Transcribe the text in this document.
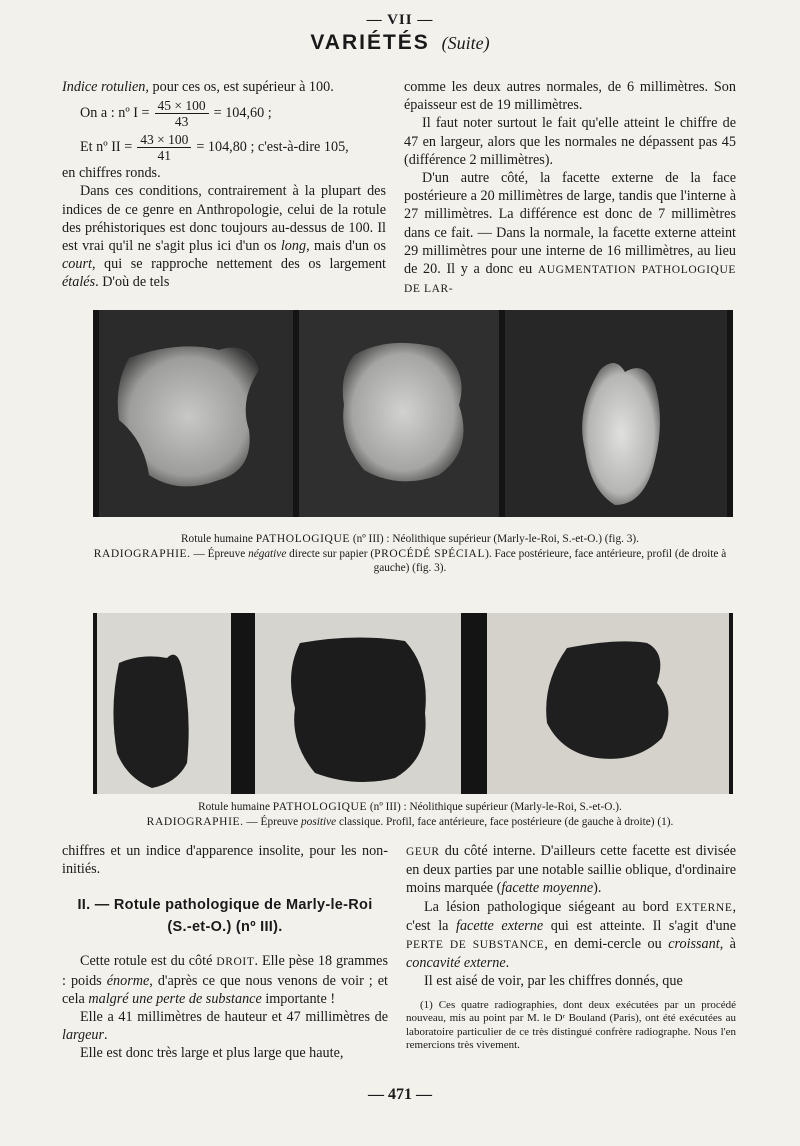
— VII —
VARIÉTÉS (Suite)

Indice rotulien, pour ces os, est supérieur à 100.

On a : nº $I = \frac{45 \times 100}{43} = 104,60$ ;
Et nº II = $\frac{43 \times 100}{41} = 104,80$ ; c'est-à-dire 105,

en chiffres ronds.

Dans ces conditions, contrairement à la plupart des indices de ce genre en Anthropologie, celui de la rotule des préhistoriques est donc toujours au-dessus de 100. Il est vrai qu'il ne s'agit plus ici d'un os long, mais d'un os court, qui se rapproche nettement des os largement étalés. D'où de tels

comme les deux autres normales, de 6 millimètres. Son épaisseur est de 19 millimètres.

Il faut noter surtout le fait qu'elle atteint le chiffre de 47 en largeur, alors que les normales ne dépassent pas 45 (différence 2 millimètres).

D'un autre côté, la facette externe de la face postérieure a 20 millimètres de large, tandis que l'interne à 27 millimètres. La différence est donc de 7 millimètres dans ce fait. — Dans la normale, la facette externe atteint 29 millimètres pour une interne de 16 millimètres, au lieu de 20. Il y a donc eu AUGMENTATION PATHOLOGIQUE DE LAR-

Rotule humaine PATHOLOGIQUE (nº III) : Néolithique supérieur (Marly-le-Roi, S.-et-O.) (fig. 3).
RADIOGRAPHIE. — Épreuve négative directe sur papier (PROCÉDÉ SPÉCIAL). Face postérieure, face antérieure, profil (de droite à gauche) (fig. 3).
Rotule humaine PATHOLOGIQUE (nº III) : Néolithique supérieur (Marly-le-Roi, S.-et-O.).
RADIOGRAPHIE. — Épreuve positive classique. Profil, face antérieure, face postérieure (de gauche à droite) (1).

chiffres et un indice d'apparence insolite, pour les non-initiés.

II. — Rotule pathologique de Marly-le-Roi
(S.-et-O.) (nº III).

Cette rotule est du côté DROIT. Elle pèse 18 grammes : poids énorme, d'après ce que nous venons de voir ; et cela malgré une perte de substance importante !

Elle a 41 millimètres de hauteur et 47 millimètres de largeur.

Elle est donc très large et plus large que haute,

GEUR du côté interne. D'ailleurs cette facette est divisée en deux parties par une notable saillie oblique, d'ordinaire moins marquée (facette moyenne).

La lésion pathologique siégeant au bord EXTERNE, c'est la facette externe qui est atteinte. Il s'agit d'une PERTE DE SUBSTANCE, en demi-cercle ou croissant, à concavité externe.

Il est aisé de voir, par les chiffres donnés, que

(1) Ces quatre radiographies, dont deux exécutées par un procédé nouveau, mis au point par M. le Dʳ Bouland (Paris), ont été exécutées au laboratoire particulier de ce très distingué confrère radiographe. Nous l'en remercions très vivement.

— 471 —
